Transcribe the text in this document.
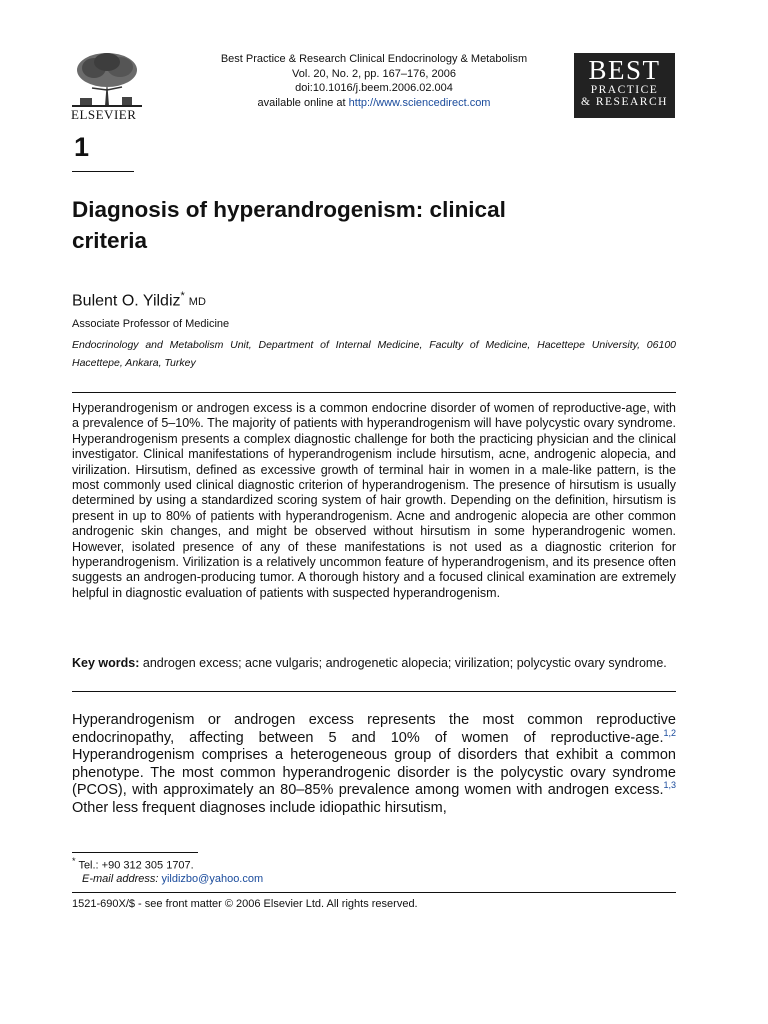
ELSEVIER
Best Practice & Research Clinical Endocrinology & Metabolism
Vol. 20, No. 2, pp. 167–176, 2006
doi:10.1016/j.beem.2006.02.004
available online at http://www.sciencedirect.com
BEST
PRACTICE
& RESEARCH
1
Diagnosis of hyperandrogenism: clinical
criteria
Bulent O. Yildiz*MD
Associate Professor of Medicine
Endocrinology and Metabolism Unit, Department of Internal Medicine, Faculty of Medicine, Hacettepe University, 06100 Hacettepe, Ankara, Turkey
Hyperandrogenism or androgen excess is a common endocrine disorder of women of reproductive-age, with a prevalence of 5–10%. The majority of patients with hyperandrogenism will have polycystic ovary syndrome. Hyperandrogenism presents a complex diagnostic challenge for both the practicing physician and the clinical investigator. Clinical manifestations of hyperandrogenism include hirsutism, acne, androgenic alopecia, and virilization. Hirsutism, defined as excessive growth of terminal hair in women in a male-like pattern, is the most commonly used clinical diagnostic criterion of hyperandrogenism. The presence of hirsutism is usually determined by using a standardized scoring system of hair growth. Depending on the definition, hirsutism is present in up to 80% of patients with hyperandrogenism. Acne and androgenic alopecia are other common androgenic skin changes, and might be observed without hirsutism in some hyperandrogenic women. However, isolated presence of any of these manifestations is not used as a diagnostic criterion for hyperandrogenism. Virilization is a relatively uncommon feature of hyperandrogenism, and its presence often suggests an androgen-producing tumor. A thorough history and a focused clinical examination are extremely helpful in diagnostic evaluation of patients with suspected hyperandrogenism.
Key words: androgen excess; acne vulgaris; androgenetic alopecia; virilization; polycystic ovary syndrome.
Hyperandrogenism or androgen excess represents the most common reproductive endocrinopathy, affecting between 5 and 10% of women of reproductive-age.$^{1,2}$ Hyperandrogenism comprises a heterogeneous group of disorders that exhibit a common phenotype. The most common hyperandrogenic disorder is the polycystic ovary syndrome (PCOS), with approximately an 80–85% prevalence among women with androgen excess.$^{1,3}$ Other less frequent diagnoses include idiopathic hirsutism,
* Tel.: +90 312 305 1707.
E-mail address: yildizbo@yahoo.com
1521-690X/$ - see front matter © 2006 Elsevier Ltd. All rights reserved.
